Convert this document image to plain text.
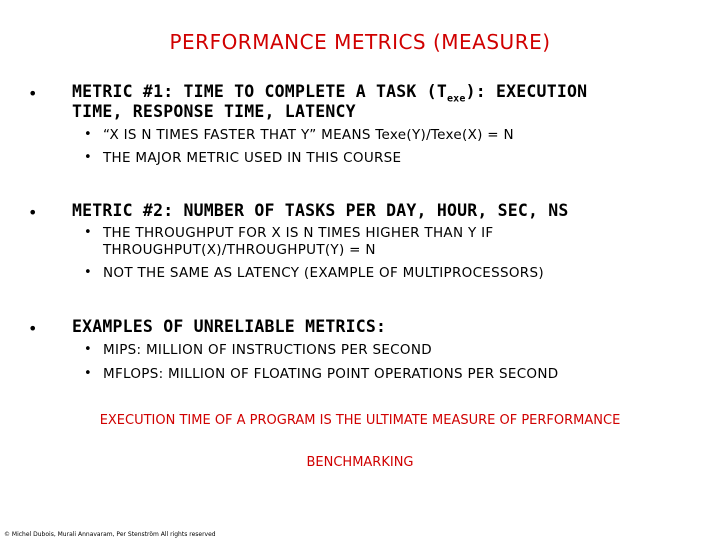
PERFORMANCE METRICS (MEASURE)
• METRIC #1: TIME TO COMPLETE A TASK $(T_{exe})$: EXECUTION
TIME, RESPONSE TIME, LATENCY
• “X IS N TIMES FASTER THAT Y” MEANS Texe(Y)/Texe(X) = N
• THE MAJOR METRIC USED IN THIS COURSE
• METRIC #2: NUMBER OF TASKS PER DAY, HOUR, SEC, NS
• THE THROUGHPUT FOR X IS N TIMES HIGHER THAN Y IF
THROUGHPUT(X)/THROUGHPUT(Y) = N
• NOT THE SAME AS LATENCY (EXAMPLE OF MULTIPROCESSORS)
• EXAMPLES OF UNRELIABLE METRICS:
• MIPS: MILLION OF INSTRUCTIONS PER SECOND
• MFLOPS: MILLION OF FLOATING POINT OPERATIONS PER SECOND
EXECUTION TIME OF A PROGRAM IS THE ULTIMATE MEASURE OF PERFORMANCE
BENCHMARKING
© Michel Dubois, Murali Annavaram, Per Stenström All rights reserved
